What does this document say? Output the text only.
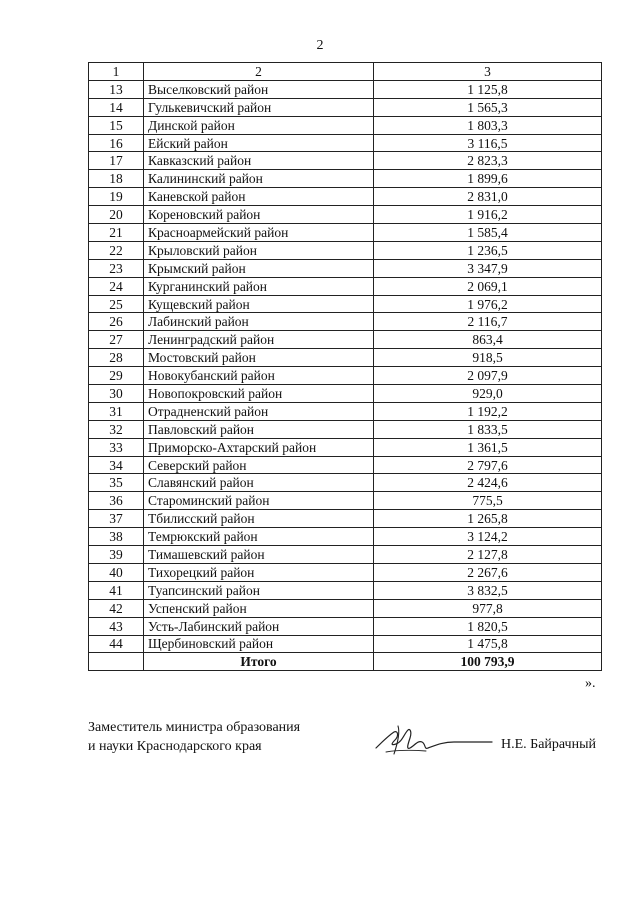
2
1	2	3
13	Выселковский район	1 125,8
14	Гулькевичский район	1 565,3
15	Динской район	1 803,3
16	Ейский район	3 116,5
17	Кавказский район	2 823,3
18	Калининский район	1 899,6
19	Каневской район	2 831,0
20	Кореновский район	1 916,2
21	Красноармейский район	1 585,4
22	Крыловский район	1 236,5
23	Крымский район	3 347,9
24	Курганинский район	2 069,1
25	Кущевский район	1 976,2
26	Лабинский район	2 116,7
27	Ленинградский район	863,4
28	Мостовский район	918,5
29	Новокубанский район	2 097,9
30	Новопокровский район	929,0
31	Отрадненский район	1 192,2
32	Павловский район	1 833,5
33	Приморско-Ахтарский район	1 361,5
34	Северский район	2 797,6
35	Славянский район	2 424,6
36	Староминский район	775,5
37	Тбилисский район	1 265,8
38	Темрюкский район	3 124,2
39	Тимашевский район	2 127,8
40	Тихорецкий район	2 267,6
41	Туапсинский район	3 832,5
42	Успенский район	977,8
43	Усть-Лабинский район	1 820,5
44	Щербиновский район	1 475,8
	Итого	100 793,9
».
Заместитель министра образования
и науки Краснодарского края	Н.Е. Байрачный
